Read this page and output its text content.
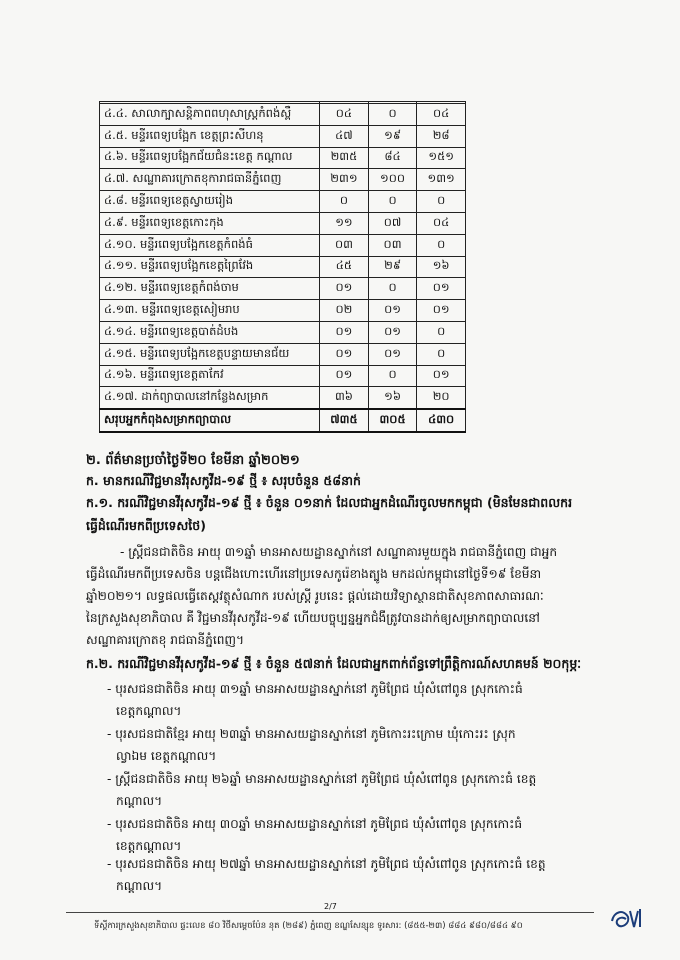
៤.៤. សាលាក្បាសន្តិភាពពហុសាស្ត្រកំពង់ស្ពឺ	០៤	០	០៤
៤.៥. មន្ទីរពេទ្យបង្អែក ខេត្តព្រះសីហនុ	៤៧	១៩	២៨
៤.៦. មន្ទីរពេទ្យបង្អែកជ័យជំនះខេត្ត កណ្តាល	២៣៥	៨៤	១៥១
៤.៧. សណ្ឋាគារក្រោតខុការាជធានីភ្នំពេញ	២៣១	១០០	១៣១
៤.៨. មន្ទីរពេទ្យខេត្តស្វាយរៀង	០	០	០
៤.៩. មន្ទីរពេទ្យខេត្តកោះកុង	១១	០៧	០៤
៤.១០. មន្ទីរពេទ្យបង្អែកខេត្តកំពង់ធំ	០៣	០៣	០
៤.១១. មន្ទីរពេទ្យបង្អែកខេត្តព្រៃវែង	៤៥	២៩	១៦
៤.១២. មន្ទីរពេទ្យខេត្តកំពង់ចាម	០១	០	០១
៤.១៣. មន្ទីរពេទ្យខេត្តសៀមរាប	០២	០១	០១
៤.១៤. មន្ទីរពេទ្យខេត្តបាត់ដំបង	០១	០១	០
៤.១៥. មន្ទីរពេទ្យបង្អែកខេត្តបន្ទាយមានជ័យ	០១	០១	០
៤.១៦. មន្ទីរពេទ្យខេត្តតាកែវ	០១	០	០១
៤.១៧. ដាក់ព្យាបាលនៅកន្លែងសម្រាក	៣៦	១៦	២០
សរុបអ្នកកំពុងសម្រាកព្យាបាល	៧៣៥	៣០៥	៤៣០
២. ព័ត៌មានប្រចាំថ្ងៃទី២០ ខែមីនា ឆ្នាំ២០២១
ក. មានករណីវិជ្ជមានវីរុសកូវីដ-១៩ ថ្មី ៖ សរុបចំនួន ៥៨នាក់
ក.១. ករណីវិជ្ជមានវីរុសកូវីដ-១៩ ថ្មី ៖ ចំនួន ០១នាក់ ដែលជាអ្នកដំណើរចូលមកកម្ពុជា (មិនមែនជាពលករ
ធ្វើដំណើរមកពីប្រទេសថៃ)
- ស្ត្រីជនជាតិចិន អាយុ ៣១ឆ្នាំ មានអាសយដ្ឋានស្នាក់នៅ សណ្ឋាគារមួយក្នុង រាជធានីភ្នំពេញ ជាអ្នក
ធ្វើដំណើរមកពីប្រទេសចិន បន្តជើងហោះហើរនៅប្រទេសកូរ៉េខាងត្បូង មកដល់កម្ពុជានៅថ្ងៃទី១៩ ខែមីនា
ឆ្នាំ២០២១។ លទ្ធផលធ្វើតេស្តវត្ថុសំណាក របស់ស្ត្រី រូបនេះ ផ្តល់ដោយវិទ្យាស្ថានជាតិសុខភាពសាធារណៈ
នៃក្រសួងសុខាភិបាល គឺ វិជ្ជមានវីរុសកូវីដ-១៩ ហើយបច្ចុប្បន្នអ្នកជំងឺត្រូវបានដាក់ឲ្យសម្រាកព្យាបាលនៅ
សណ្ឋាគារក្រោតខុ រាជធានីភ្នំពេញ។
ក.២. ករណីវិជ្ជមានវីរុសកូវីដ-១៩ ថ្មី ៖ ចំនួន ៥៧នាក់ ដែលជាអ្នកពាក់ព័ន្ធទៅព្រឹត្តិការណ៍សហគមន៍ ២០កុម្ភៈ
- បុរសជនជាតិចិន អាយុ ៣១ឆ្នាំ មានអាសយដ្ឋានស្នាក់នៅ ភូមិព្រែជ ឃុំសំពៅពូន ស្រុកកោះធំ
ខេត្តកណ្តាល។
- បុរសជនជាតិខ្មែរ អាយុ ២៣ឆ្នាំ មានអាសយដ្ឋានស្នាក់នៅ ភូមិកោះរះក្រោម ឃុំកោះរះ ស្រុក
ល្វាឯម ខេត្តកណ្តាល។
- ស្ត្រីជនជាតិចិន អាយុ ២៦ឆ្នាំ មានអាសយដ្ឋានស្នាក់នៅ ភូមិព្រែជ ឃុំសំពៅពូន ស្រុកកោះធំ ខេត្ត
កណ្តាល។
- បុរសជនជាតិចិន អាយុ ៣០ឆ្នាំ មានអាសយដ្ឋានស្នាក់នៅ ភូមិព្រែជ ឃុំសំពៅពូន ស្រុកកោះធំ
ខេត្តកណ្តាល។
- បុរសជនជាតិចិន អាយុ ២៧ឆ្នាំ មានអាសយដ្ឋានស្នាក់នៅ ភូមិព្រែជ ឃុំសំពៅពូន ស្រុកកោះធំ ខេត្ត
កណ្តាល។
2/7
ទីស្តីការក្រសួងសុខាភិបាល ផ្ទះលេខ ៨០ វិថីសម្តេចប៉ែន នុត (២៨៩) ភ្នំពេញ ខណ្ឌសែន្សុខ ទូរសារ: (៨៥៥-២៣) ៨៨៤ ៩៨០/៨៨៤ ៩០
